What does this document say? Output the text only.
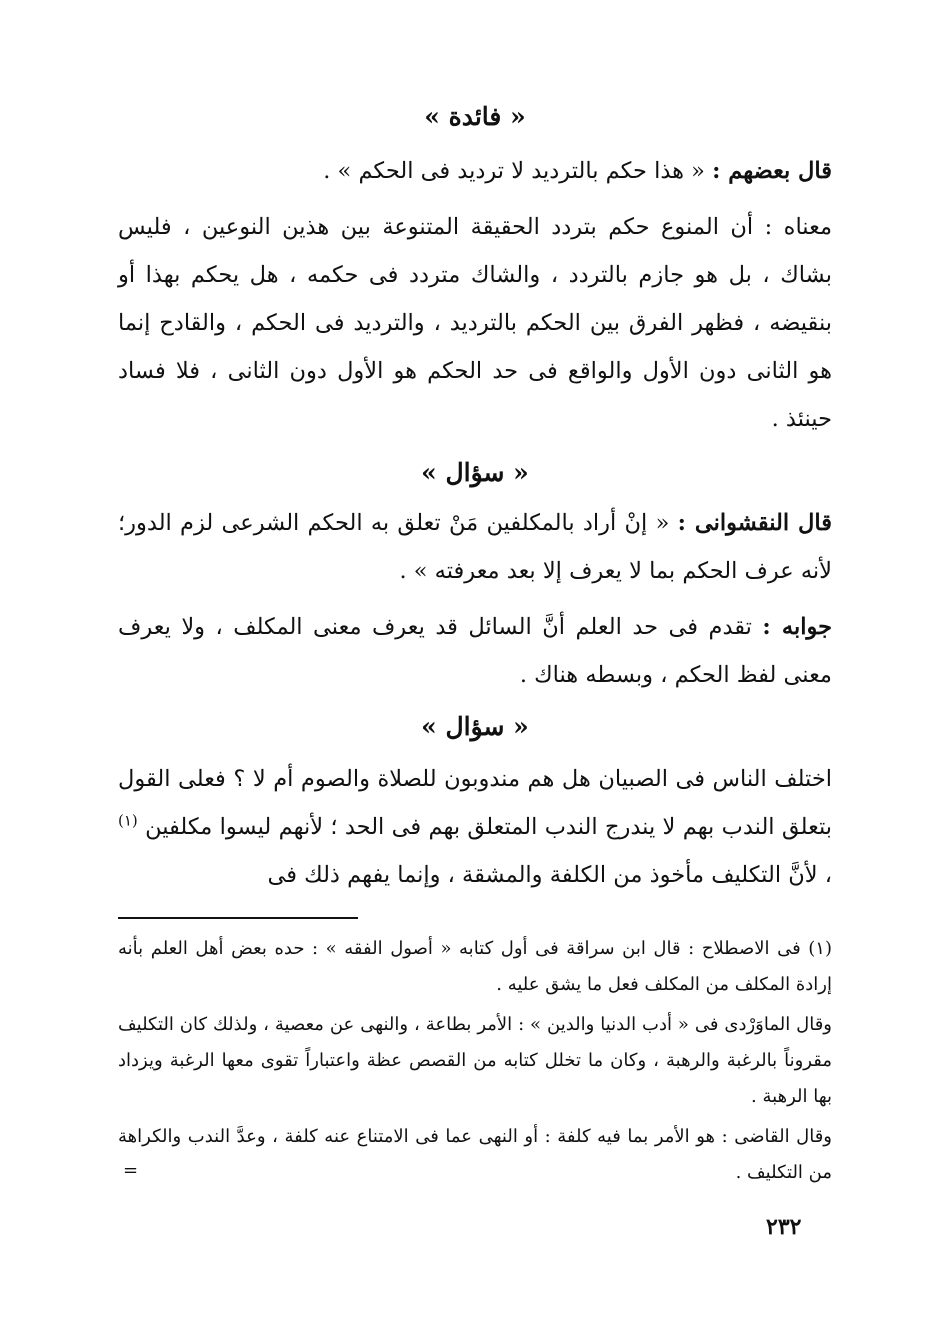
« فائدة »

قال بعضهم : « هذا حكم بالترديد لا ترديد فى الحكم » .

معناه : أن المنوع حكم بتردد الحقيقة المتنوعة بين هذين النوعين ، فليس بشاك ، بل هو جازم بالتردد ، والشاك متردد فى حكمه ، هل يحكم بهذا أو بنقيضه ، فظهر الفرق بين الحكم بالترديد ، والترديد فى الحكم ، والقادح إنما هو الثانى دون الأول والواقع فى حد الحكم هو الأول دون الثانى ، فلا فساد حينئذ .

« سؤال »

قال النقشوانى : « إنْ أراد بالمكلفين مَنْ تعلق به الحكم الشرعى لزم الدور؛ لأنه عرف الحكم بما لا يعرف إلا بعد معرفته » .

جوابه : تقدم فى حد العلم أنَّ السائل قد يعرف معنى المكلف ، ولا يعرف معنى لفظ الحكم ، وبسطه هناك .

« سؤال »

اختلف الناس فى الصبيان هل هم مندوبون للصلاة والصوم أم لا ؟ فعلى القول بتعلق الندب بهم لا يندرج الندب المتعلق بهم فى الحد ؛ لأنهم ليسوا مكلفين $^{(١)}$ ، لأنَّ التكليف مأخوذ من الكلفة والمشقة ، وإنما يفهم ذلك فى

(١) فى الاصطلاح : قال ابن سراقة فى أول كتابه « أصول الفقه » : حده بعض أهل العلم بأنه إرادة المكلف من المكلف فعل ما يشق عليه .

وقال الماوَرْدى فى « أدب الدنيا والدين » : الأمر بطاعة ، والنهى عن معصية ، ولذلك كان التكليف مقروناً بالرغبة والرهبة ، وكان ما تخلل كتابه من القصص عظة واعتباراً تقوى معها الرغبة ويزداد بها الرهبة .

وقال القاضى : هو الأمر بما فيه كلفة : أو النهى عما فى الامتناع عنه كلفة ، وعدَّ الندب والكراهة من التكليف .

=
٢٣٢
